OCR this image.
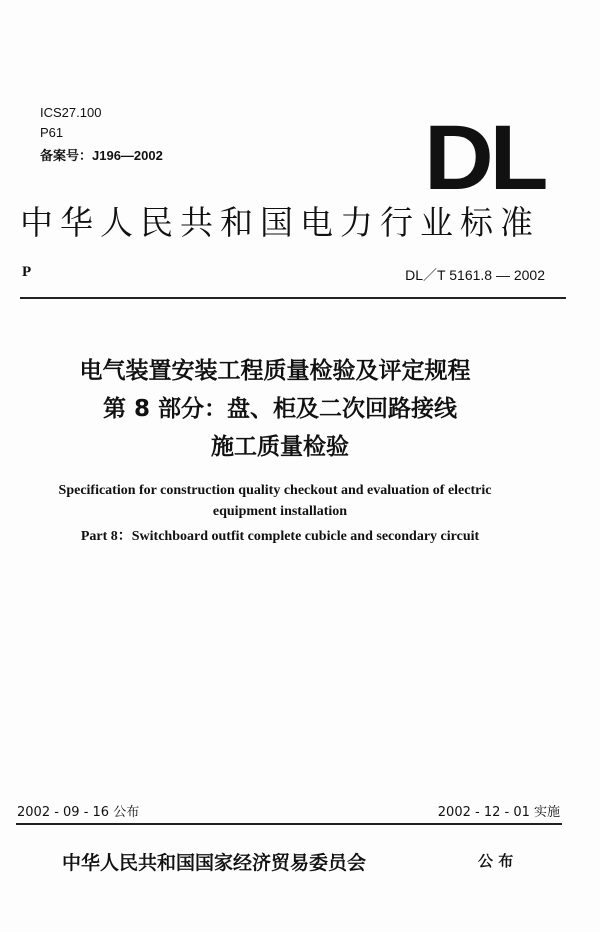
ICS27.100
P61
备案号：J196—2002	DL
中华人民共和国电力行业标准
P	DL／T 5161.8 — 2002
电气装置安装工程质量检验及评定规程
第 8 部分：盘、柜及二次回路接线
施工质量检验
Specification for construction quality checkout and evaluation of electric
equipment installation
Part 8：Switchboard outfit complete cubicle and secondary circuit
2002 - 09 - 16 公布	2002 - 12 - 01 实施
中华人民共和国国家经济贸易委员会	公 布
